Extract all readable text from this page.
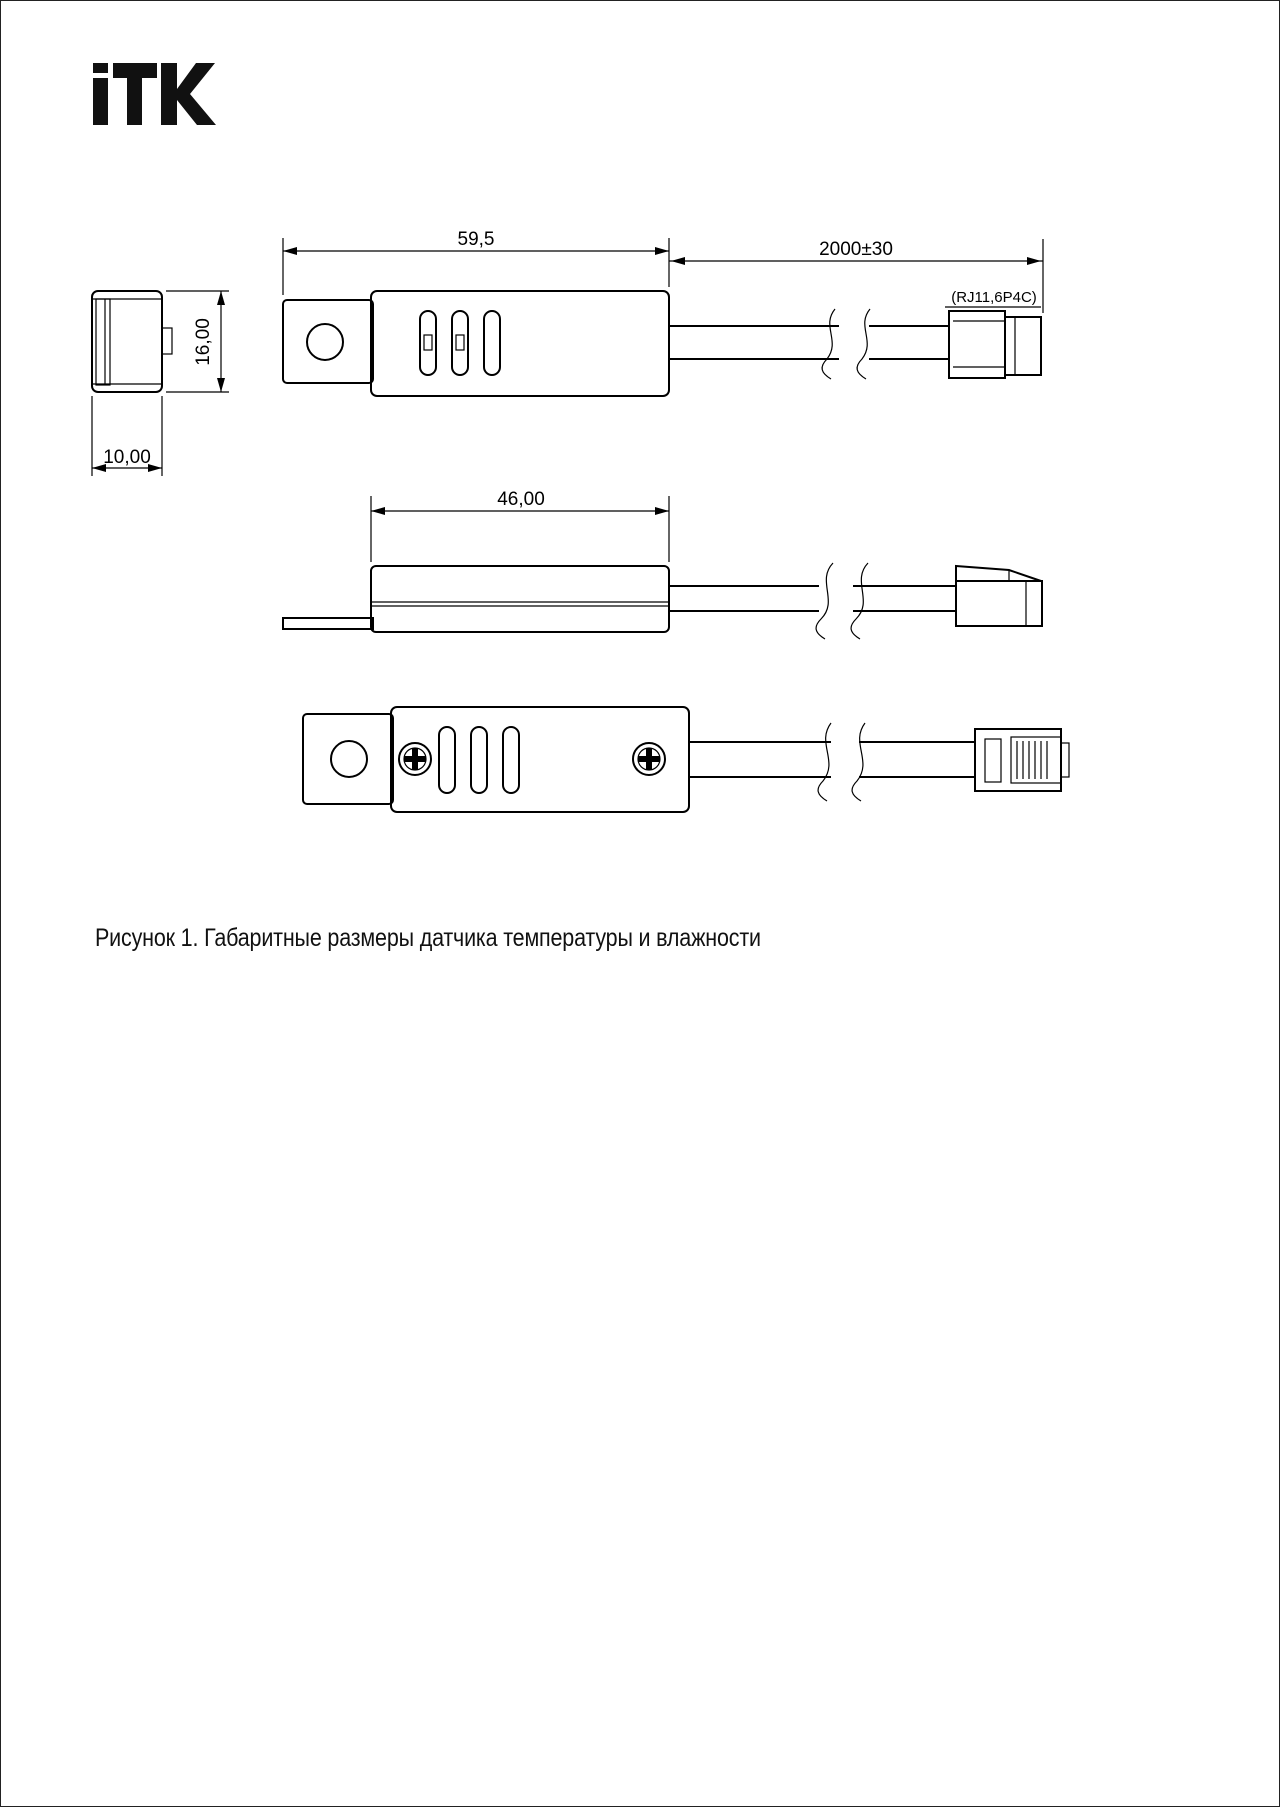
16,00
10,00
59,5	2000±30
(RJ11,6P4C)
46,00
Рисунок 1. Габаритные размеры датчика температуры и влажности
